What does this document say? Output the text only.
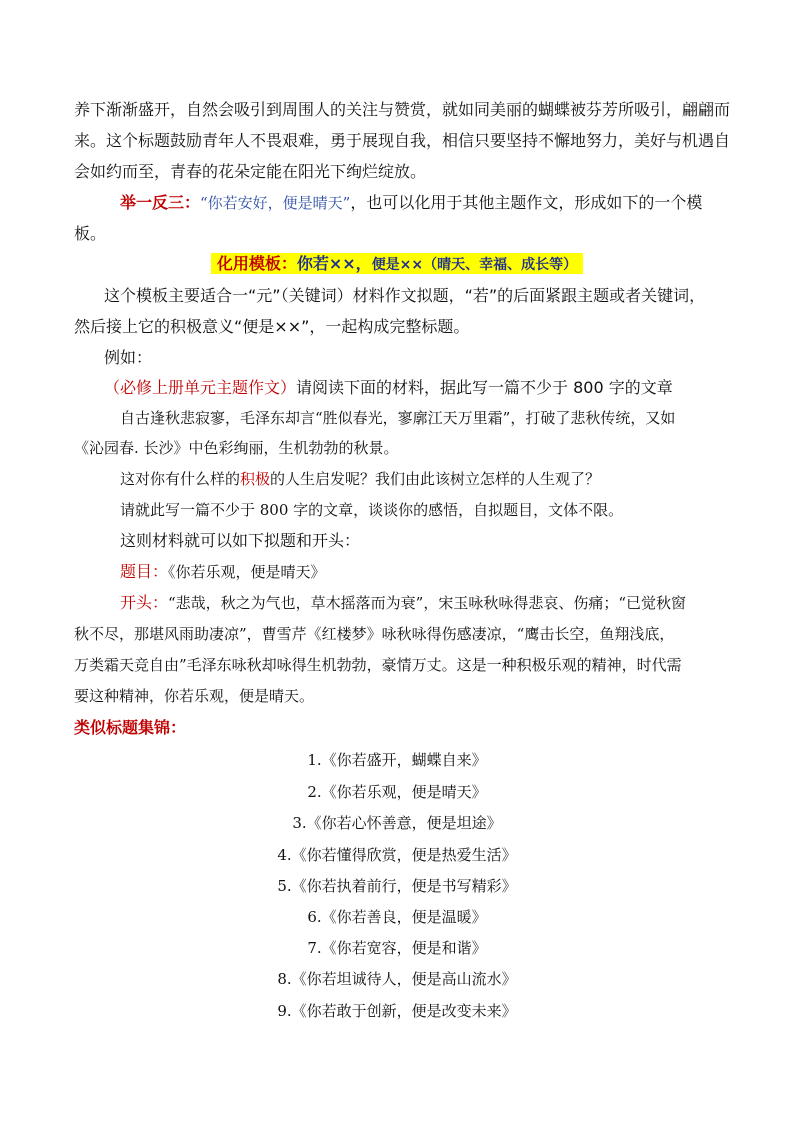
养下渐渐盛开，自然会吸引到周围人的关注与赞赏，就如同美丽的蝴蝶被芬芳所吸引，翩翩而
来。这个标题鼓励青年人不畏艰难，勇于展现自我，相信只要坚持不懈地努力，美好与机遇自
会如约而至，青春的花朵定能在阳光下绚烂绽放。
举一反三：“你若安好，便是晴天”，也可以化用于其他主题作文，形成如下的一个模
板。
化用模板：你若××，便是××（晴天、幸福、成长等）
这个模板主要适合一“元”（关键词）材料作文拟题，“若”的后面紧跟主题或者关键词，
然后接上它的积极意义“便是××”，一起构成完整标题。
例如：
（必修上册单元主题作文）请阅读下面的材料，据此写一篇不少于 800 字的文章
自古逢秋悲寂寥，毛泽东却言“胜似春光，寥廓江天万里霜”，打破了悲秋传统，又如
《沁园春. 长沙》中色彩绚丽，生机勃勃的秋景。
这对你有什么样的积极的人生启发呢？我们由此该树立怎样的人生观了？
请就此写一篇不少于 800 字的文章，谈谈你的感悟，自拟题目，文体不限。
这则材料就可以如下拟题和开头：
题目：《你若乐观，便是晴天》
开头：“悲哉，秋之为气也，草木摇落而为衰”，宋玉咏秋咏得悲哀、伤痛；“已觉秋窗
秋不尽，那堪风雨助凄凉”，曹雪芹《红楼梦》咏秋咏得伤感凄凉，“鹰击长空，鱼翔浅底，
万类霜天竞自由”毛泽东咏秋却咏得生机勃勃，豪情万丈。这是一种积极乐观的精神，时代需
要这种精神，你若乐观，便是晴天。
类似标题集锦：
1.《你若盛开，蝴蝶自来》
2.《你若乐观，便是晴天》
3.《你若心怀善意，便是坦途》
4.《你若懂得欣赏，便是热爱生活》
5.《你若执着前行，便是书写精彩》
6.《你若善良，便是温暖》
7.《你若宽容，便是和谐》
8.《你若坦诚待人，便是高山流水》
9.《你若敢于创新，便是改变未来》
